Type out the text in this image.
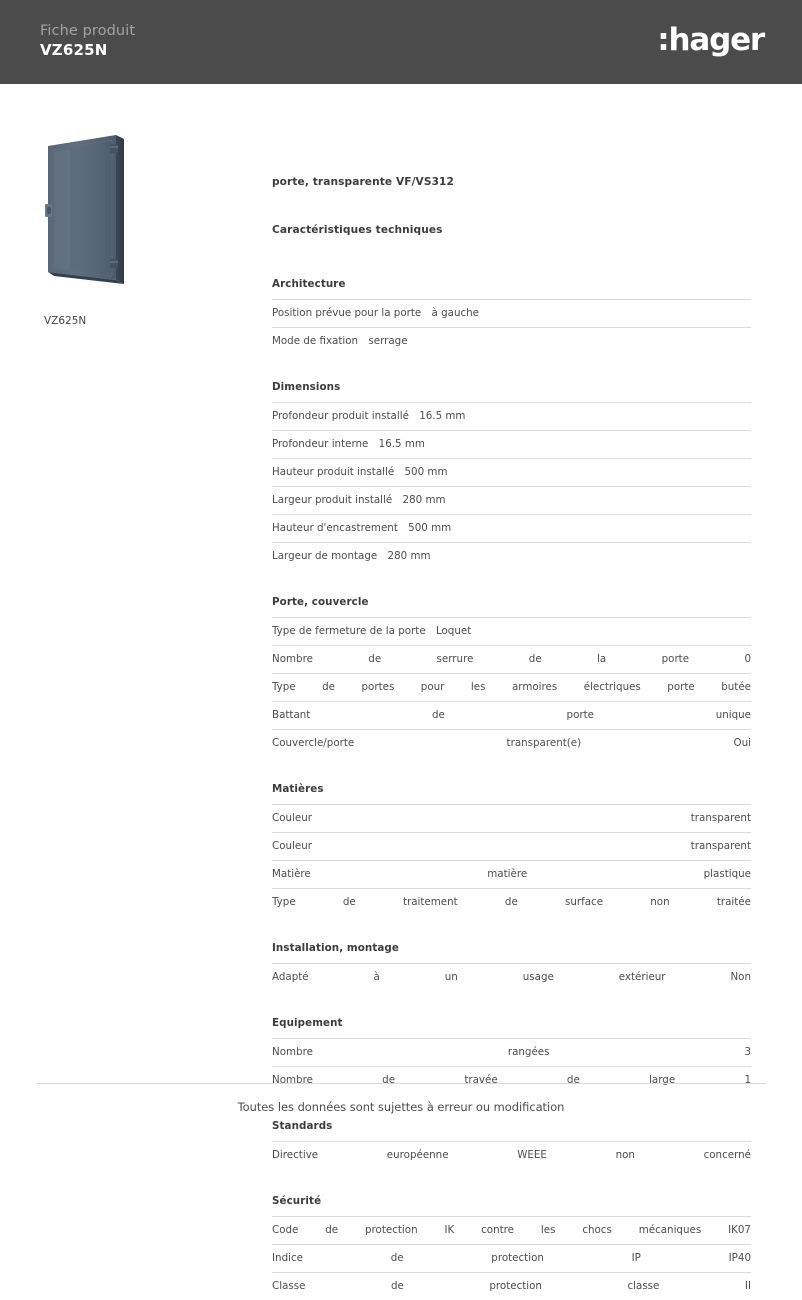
Fiche produit
VZ625N	:hager
VZ625N
porte, transparente VF/VS312
Caractéristiques techniques
Architecture
Position prévue pour la porte à gauche
Mode de fixation serrage
Dimensions
Profondeur produit installé 16.5 mm
Profondeur interne 16.5 mm
Hauteur produit installé 500 mm
Largeur produit installé 280 mm
Hauteur d'encastrement 500 mm
Largeur de montage 280 mm
Porte, couvercle
Type de fermeture de la porte Loquet
Nombre de serrure de la porte	0
Type de portes pour les armoires électriques	porte butée
Battant de porte	unique
Couvercle/porte transparent(e)	Oui
Matières
Couleur	transparent
Couleur	transparent
Matière	matière plastique
Type de traitement de surface	non traitée
Installation, montage
Adapté à un usage extérieur	Non
Equipement
Nombre rangées	3
Nombre de travée de large	1
Standards
Directive européenne WEEE	non concerné
Sécurité
Code de protection IK contre les chocs mécaniques	IK07
Indice de protection IP	IP40
Classe de protection	classe II
Toutes les données sont sujettes à erreur ou modification
